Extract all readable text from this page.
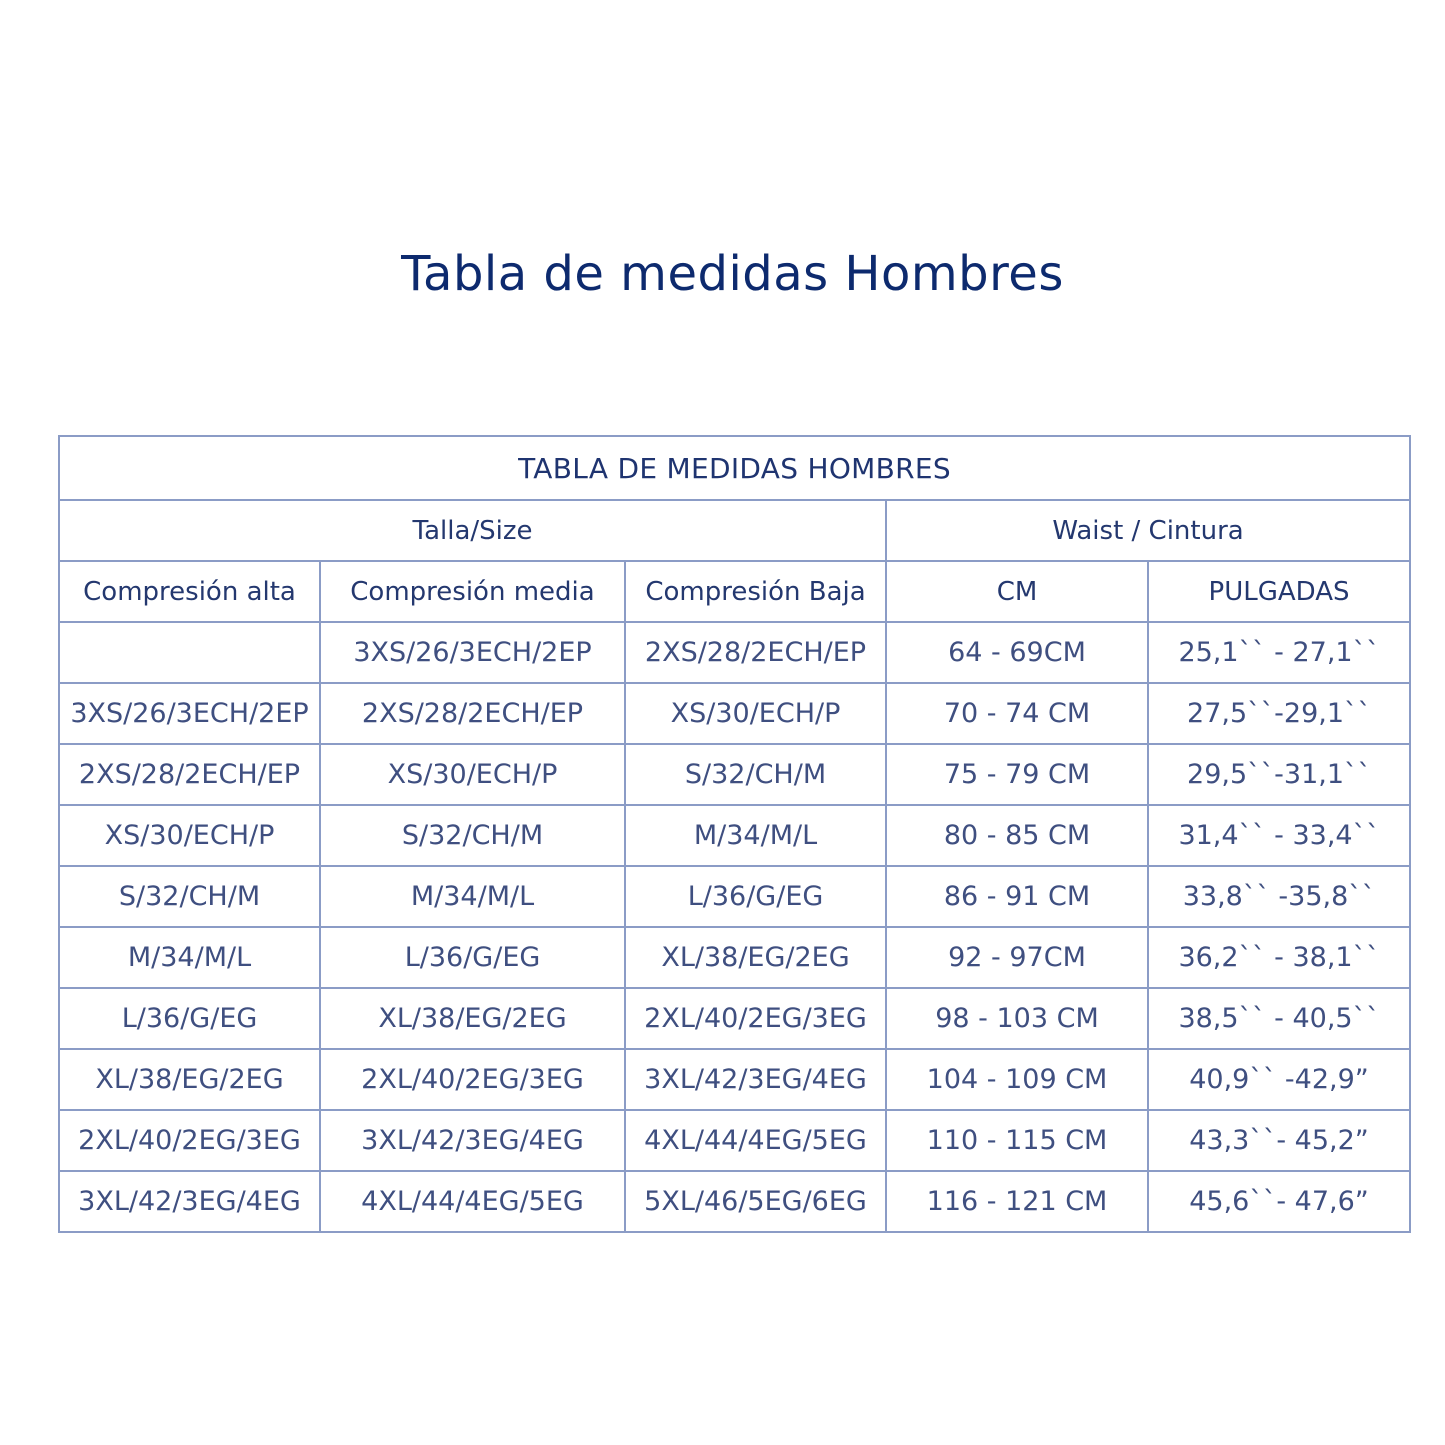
Tabla de medidas Hombres
TABLA DE MEDIDAS HOMBRES				
Talla/Size			Waist / Cintura	
Compresión alta	Compresión media	Compresión Baja	CM	PULGADAS
	3XS/26/3ECH/2EP	2XS/28/2ECH/EP	64 - 69CM	25,1`` - 27,1``
3XS/26/3ECH/2EP	2XS/28/2ECH/EP	XS/30/ECH/P	70 - 74 CM	27,5``-29,1``
2XS/28/2ECH/EP	XS/30/ECH/P	S/32/CH/M	75 - 79 CM	29,5``-31,1``
XS/30/ECH/P	S/32/CH/M	M/34/M/L	80 - 85 CM	31,4`` - 33,4``
S/32/CH/M	M/34/M/L	L/36/G/EG	86 - 91 CM	33,8`` -35,8``
M/34/M/L	L/36/G/EG	XL/38/EG/2EG	92 - 97CM	36,2`` - 38,1``
L/36/G/EG	XL/38/EG/2EG	2XL/40/2EG/3EG	98 - 103 CM	38,5`` - 40,5``
XL/38/EG/2EG	2XL/40/2EG/3EG	3XL/42/3EG/4EG	104 - 109 CM	40,9`` -42,9”
2XL/40/2EG/3EG	3XL/42/3EG/4EG	4XL/44/4EG/5EG	110 - 115 CM	43,3``- 45,2”
3XL/42/3EG/4EG	4XL/44/4EG/5EG	5XL/46/5EG/6EG	116 - 121 CM	45,6``- 47,6”
